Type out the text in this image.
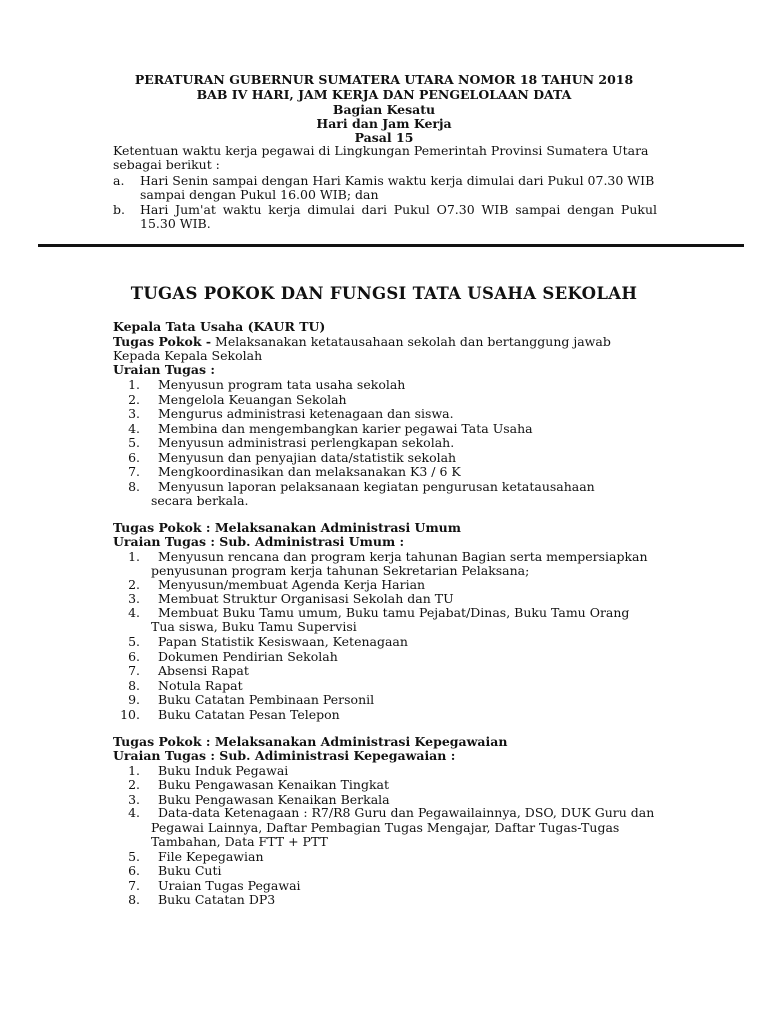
PERATURAN GUBERNUR SUMATERA UTARA NOMOR 18 TAHUN 2018
BAB IV HARI, JAM KERJA DAN PENGELOLAAN DATA
Bagian Kesatu
Hari dan Jam Kerja
Pasal 15
Ketentuan waktu kerja pegawai di Lingkungan Pemerintah Provinsi Sumatera Utara
sebagai berikut :
a. Hari Senin sampai dengan Hari Kamis waktu kerja dimulai dari Pukul 07.30 WIB
sampai dengan Pukul 16.00 WIB; dan
b. Hari Jum'at waktu kerja dimulai dari Pukul O7.30 WIB sampai dengan Pukul
15.30 WIB.
TUGAS POKOK DAN FUNGSI TATA USAHA SEKOLAH
Kepala Tata Usaha (KAUR TU)
Tugas Pokok - Melaksanakan ketatausahaan sekolah dan bertanggung jawab
Kepada Kepala Sekolah
Uraian Tugas :
1. Menyusun program tata usaha sekolah
2. Mengelola Keuangan Sekolah
3. Mengurus administrasi ketenagaan dan siswa.
4. Membina dan mengembangkan karier pegawai Tata Usaha
5. Menyusun administrasi perlengkapan sekolah.
6. Menyusun dan penyajian data/statistik sekolah
7. Mengkoordinasikan dan melaksanakan K3 / 6 K
8. Menyusun laporan pelaksanaan kegiatan pengurusan ketatausahaan
secara berkala.
Tugas Pokok : Melaksanakan Administrasi Umum
Uraian Tugas : Sub. Administrasi Umum :
1. Menyusun rencana dan program kerja tahunan Bagian serta mempersiapkan
penyusunan program kerja tahunan Sekretarian Pelaksana;
2. Menyusun/membuat Agenda Kerja Harian
3. Membuat Struktur Organisasi Sekolah dan TU
4. Membuat Buku Tamu umum, Buku tamu Pejabat/Dinas, Buku Tamu Orang
Tua siswa, Buku Tamu Supervisi
5. Papan Statistik Kesiswaan, Ketenagaan
6. Dokumen Pendirian Sekolah
7. Absensi Rapat
8. Notula Rapat
9. Buku Catatan Pembinaan Personil
10. Buku Catatan Pesan Telepon
Tugas Pokok : Melaksanakan Administrasi Kepegawaian
Uraian Tugas : Sub. Adiministrasi Kepegawaian :
1. Buku Induk Pegawai
2. Buku Pengawasan Kenaikan Tingkat
3. Buku Pengawasan Kenaikan Berkala
4. Data-data Ketenagaan : R7/R8 Guru dan Pegawailainnya, DSO, DUK Guru dan
Pegawai Lainnya, Daftar Pembagian Tugas Mengajar, Daftar Tugas-Tugas
Tambahan, Data FTT + PTT
5. File Kepegawian
6. Buku Cuti
7. Uraian Tugas Pegawai
8. Buku Catatan DP3
